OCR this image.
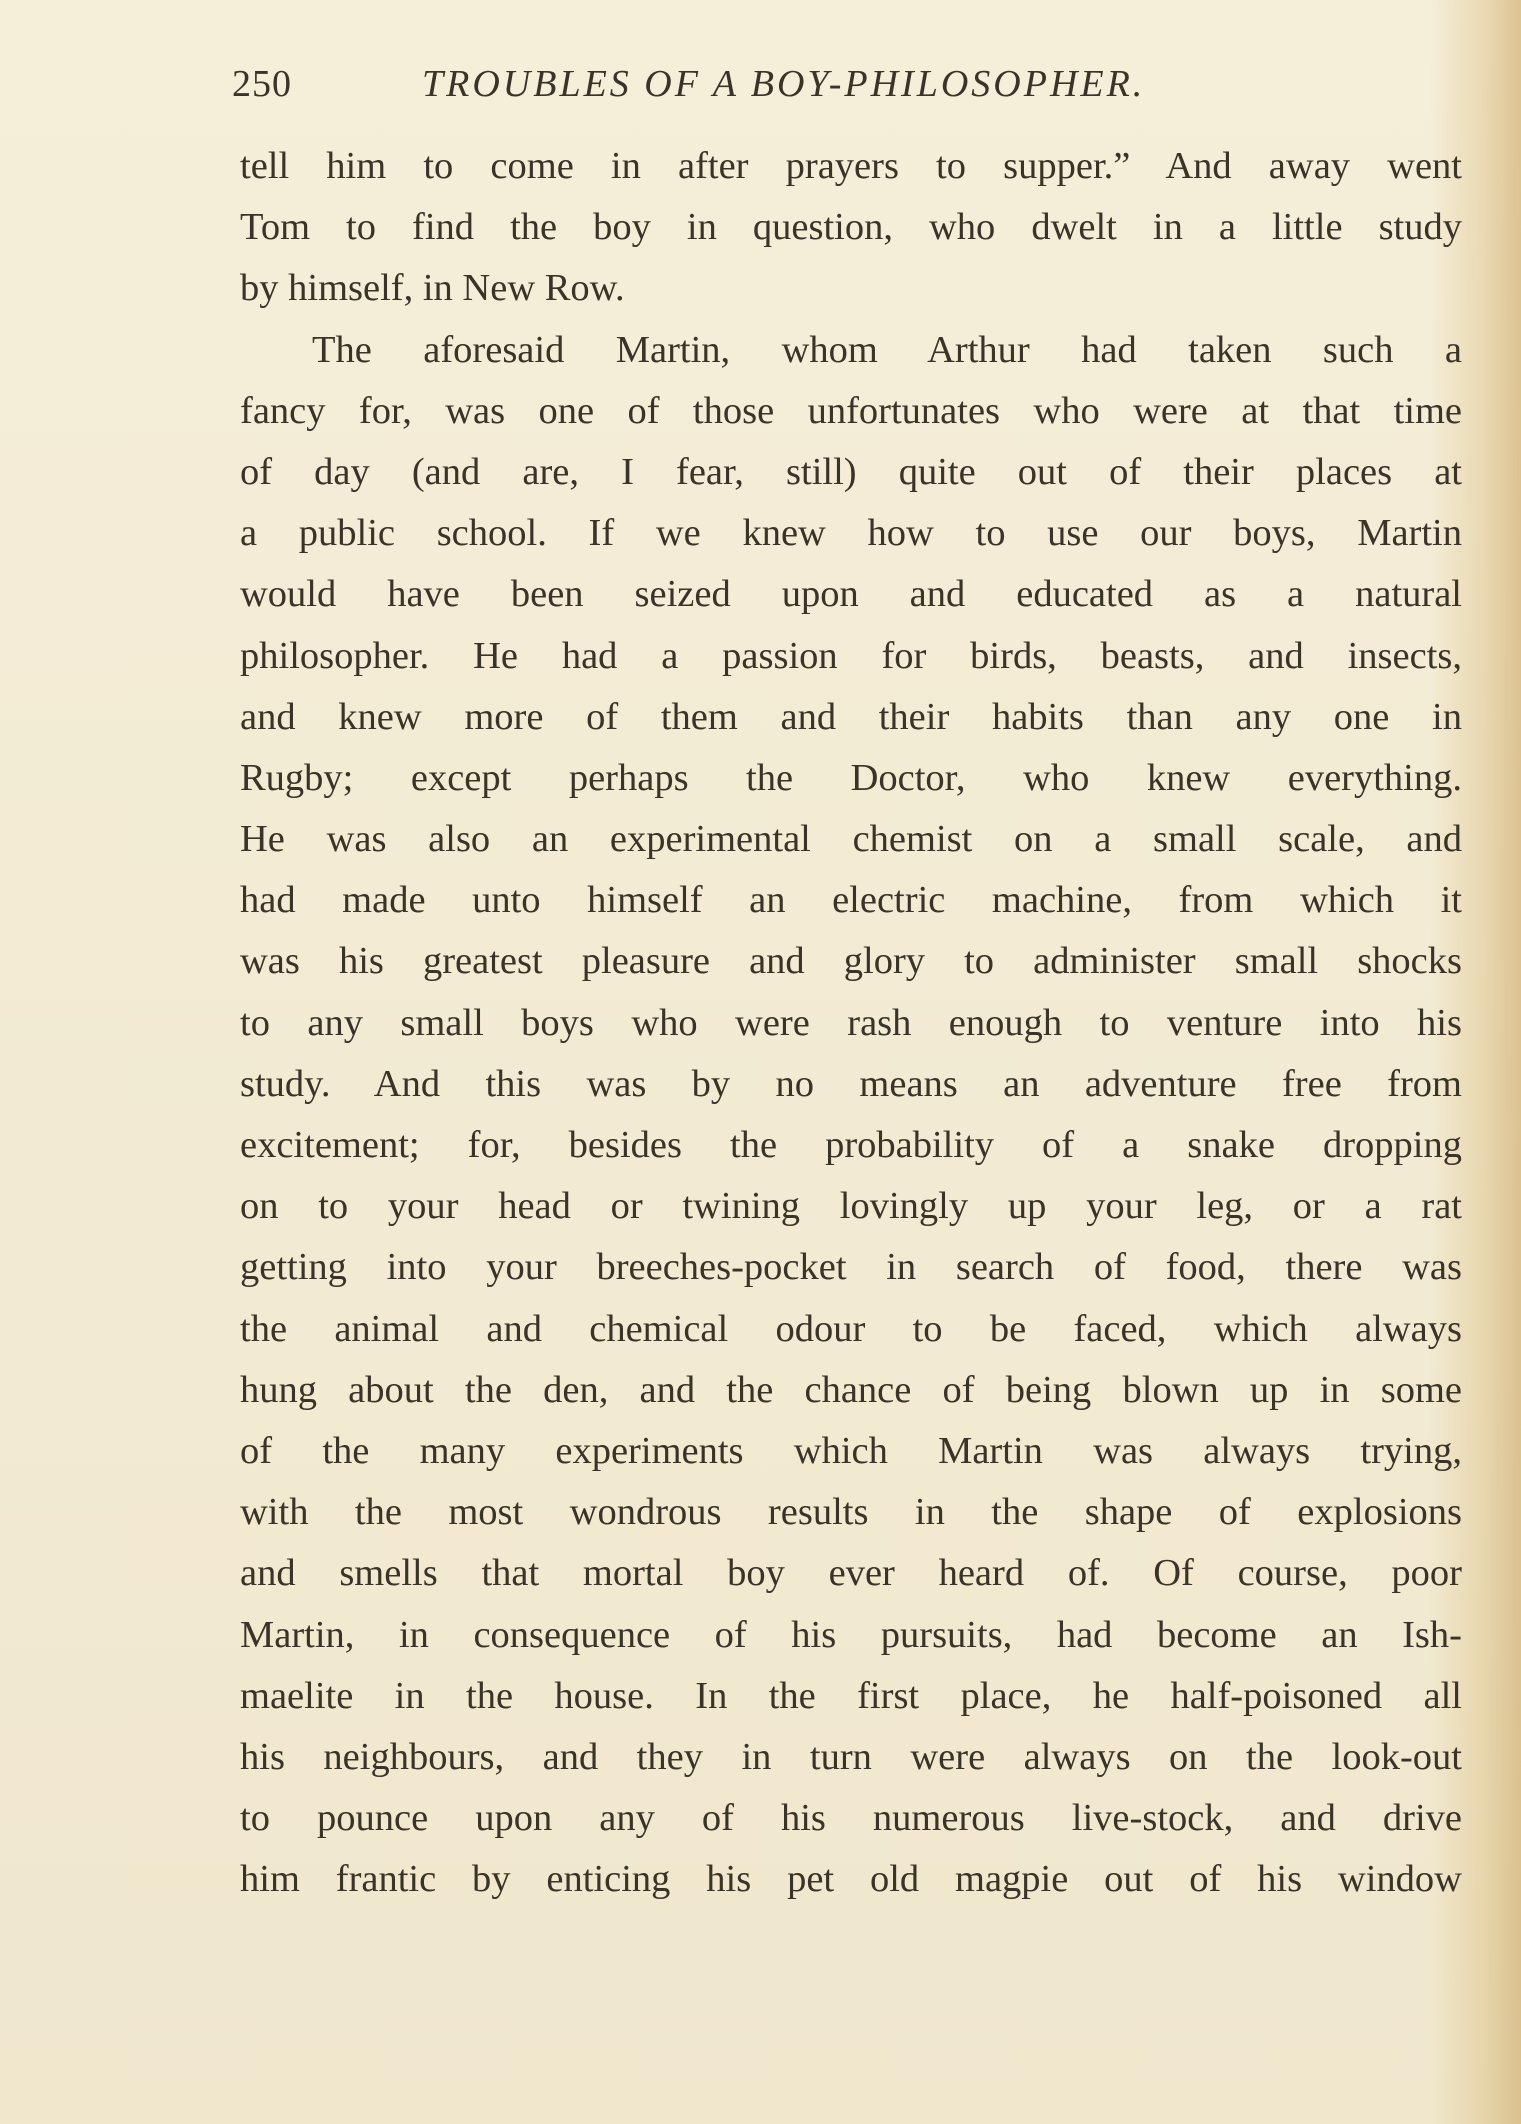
250	TROUBLES OF A BOY-PHILOSOPHER.
tell him to come in after prayers to supper.” And away went
Tom to find the boy in question, who dwelt in a little study
by himself, in New Row.
The aforesaid Martin, whom Arthur had taken such a
fancy for, was one of those unfortunates who were at that time
of day (and are, I fear, still) quite out of their places at
a public school. If we knew how to use our boys, Martin
would have been seized upon and educated as a natural
philosopher. He had a passion for birds, beasts, and insects,
and knew more of them and their habits than any one in
Rugby; except perhaps the Doctor, who knew everything.
He was also an experimental chemist on a small scale, and
had made unto himself an electric machine, from which it
was his greatest pleasure and glory to administer small shocks
to any small boys who were rash enough to venture into his
study. And this was by no means an adventure free from
excitement; for, besides the probability of a snake dropping
on to your head or twining lovingly up your leg, or a rat
getting into your breeches-pocket in search of food, there was
the animal and chemical odour to be faced, which always
hung about the den, and the chance of being blown up in some
of the many experiments which Martin was always trying,
with the most wondrous results in the shape of explosions
and smells that mortal boy ever heard of. Of course, poor
Martin, in consequence of his pursuits, had become an Ish-
maelite in the house. In the first place, he half-poisoned all
his neighbours, and they in turn were always on the look-out
to pounce upon any of his numerous live-stock, and drive
him frantic by enticing his pet old magpie out of his window
